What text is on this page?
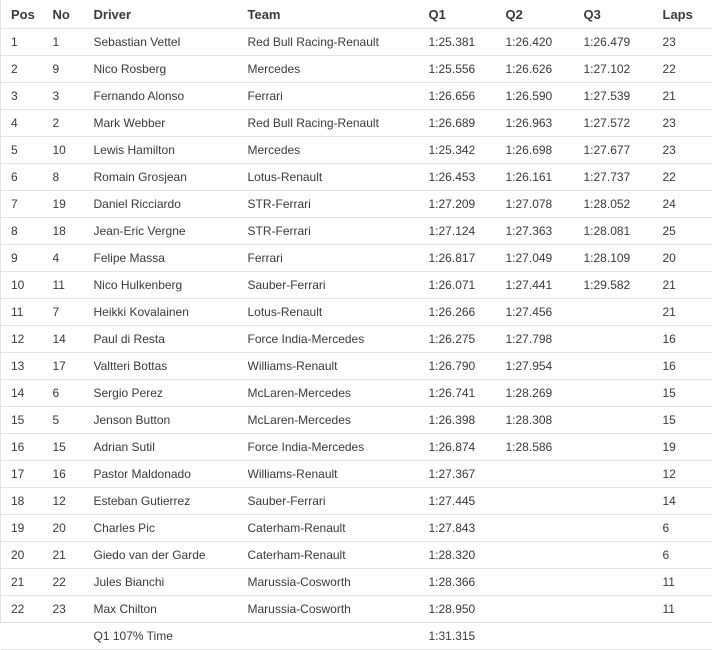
Pos	No	Driver	Team	Q1	Q2	Q3	Laps
1	1	Sebastian Vettel	Red Bull Racing-Renault	1:25.381	1:26.420	1:26.479	23
2	9	Nico Rosberg	Mercedes	1:25.556	1:26.626	1:27.102	22
3	3	Fernando Alonso	Ferrari	1:26.656	1:26.590	1:27.539	21
4	2	Mark Webber	Red Bull Racing-Renault	1:26.689	1:26.963	1:27.572	23
5	10	Lewis Hamilton	Mercedes	1:25.342	1:26.698	1:27.677	23
6	8	Romain Grosjean	Lotus-Renault	1:26.453	1:26.161	1:27.737	22
7	19	Daniel Ricciardo	STR-Ferrari	1:27.209	1:27.078	1:28.052	24
8	18	Jean-Eric Vergne	STR-Ferrari	1:27.124	1:27.363	1:28.081	25
9	4	Felipe Massa	Ferrari	1:26.817	1:27.049	1:28.109	20
10	11	Nico Hulkenberg	Sauber-Ferrari	1:26.071	1:27.441	1:29.582	21
11	7	Heikki Kovalainen	Lotus-Renault	1:26.266	1:27.456		21
12	14	Paul di Resta	Force India-Mercedes	1:26.275	1:27.798		16
13	17	Valtteri Bottas	Williams-Renault	1:26.790	1:27.954		16
14	6	Sergio Perez	McLaren-Mercedes	1:26.741	1:28.269		15
15	5	Jenson Button	McLaren-Mercedes	1:26.398	1:28.308		15
16	15	Adrian Sutil	Force India-Mercedes	1:26.874	1:28.586		19
17	16	Pastor Maldonado	Williams-Renault	1:27.367			12
18	12	Esteban Gutierrez	Sauber-Ferrari	1:27.445			14
19	20	Charles Pic	Caterham-Renault	1:27.843			6
20	21	Giedo van der Garde	Caterham-Renault	1:28.320			6
21	22	Jules Bianchi	Marussia-Cosworth	1:28.366			11
22	23	Max Chilton	Marussia-Cosworth	1:28.950			11
		Q1 107% Time		1:31.315			
